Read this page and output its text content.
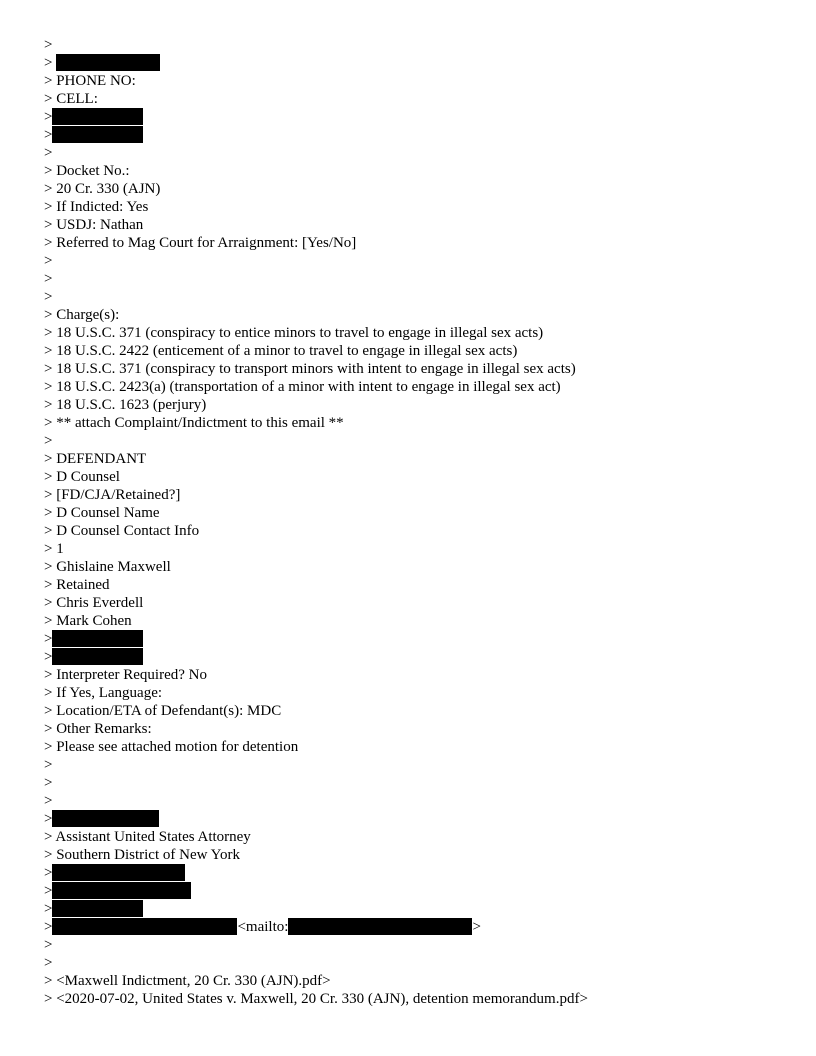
>
>
> PHONE NO:
> CELL:
>
>
>
> Docket No.:
> 20 Cr. 330 (AJN)
> If Indicted: Yes
> USDJ: Nathan
> Referred to Mag Court for Arraignment: [Yes/No]
>
>
>
> Charge(s):
> 18 U.S.C. 371 (conspiracy to entice minors to travel to engage in illegal sex acts)
> 18 U.S.C. 2422 (enticement of a minor to travel to engage in illegal sex acts)
> 18 U.S.C. 371 (conspiracy to transport minors with intent to engage in illegal sex acts)
> 18 U.S.C. 2423(a) (transportation of a minor with intent to engage in illegal sex act)
> 18 U.S.C. 1623 (perjury)
> ** attach Complaint/Indictment to this email **
>
> DEFENDANT
> D Counsel
> [FD/CJA/Retained?]
> D Counsel Name
> D Counsel Contact Info
> 1
> Ghislaine Maxwell
> Retained
> Chris Everdell
> Mark Cohen
>
>
> Interpreter Required? No
> If Yes, Language:
> Location/ETA of Defendant(s): MDC
> Other Remarks:
> Please see attached motion for detention
>
>
>
>
> Assistant United States Attorney
> Southern District of New York
>
>
>
>	<mailto:	>
>
>
> <Maxwell Indictment, 20 Cr. 330 (AJN).pdf>
> <2020-07-02, United States v. Maxwell, 20 Cr. 330 (AJN), detention memorandum.pdf>
